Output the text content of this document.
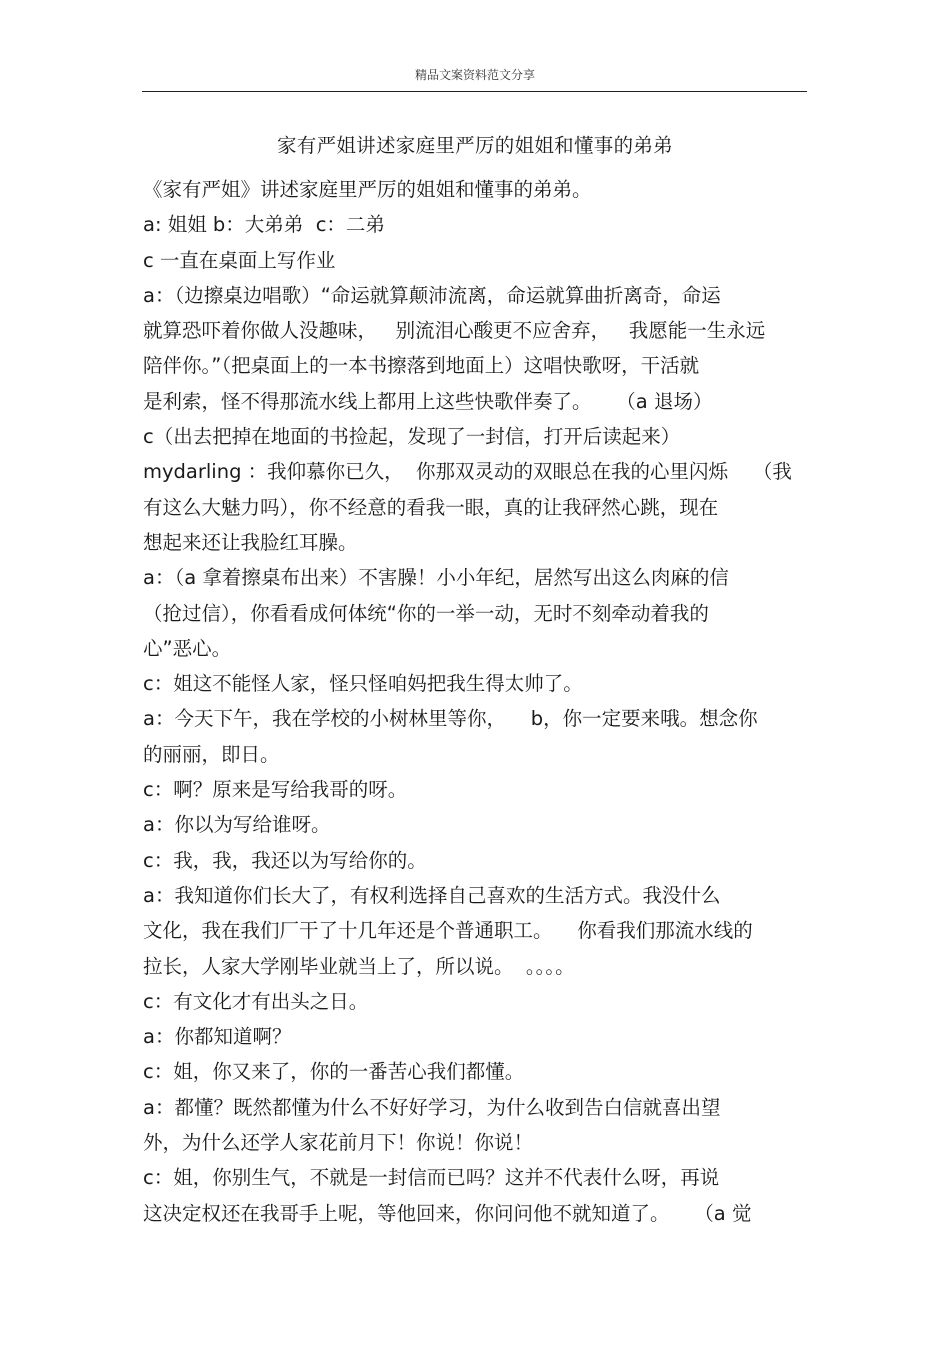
精品文案资料范文分享
家有严姐讲述家庭里严厉的姐姐和懂事的弟弟
《家有严姐》讲述家庭里严厉的姐姐和懂事的弟弟。
a: 姐姐 b：大弟弟  c：二弟
c 一直在桌面上写作业
a：（边擦桌边唱歌）“命运就算颠沛流离，命运就算曲折离奇，命运
就算恐吓着你做人没趣味，   别流泪心酸更不应舍弃，   我愿能一生永远
陪伴你。”（把桌面上的一本书擦落到地面上）这唱快歌呀，干活就
是利索，怪不得那流水线上都用上这些快歌伴奏了。    （a 退场）
c（出去把掉在地面的书捡起，发现了一封信，打开后读起来）
mydarling ：我仰慕你已久，  你那双灵动的双眼总在我的心里闪烁    （我
有这么大魅力吗），你不经意的看我一眼，真的让我砰然心跳，现在
想起来还让我脸红耳臊。
a：（a 拿着擦桌布出来）不害臊！小小年纪，居然写出这么肉麻的信
（抢过信），你看看成何体统“你的一举一动，无时不刻牵动着我的
心”恶心。
c：姐这不能怪人家，怪只怪咱妈把我生得太帅了。
a：今天下午，我在学校的小树林里等你，    b，你一定要来哦。想念你
的丽丽，即日。
c：啊？原来是写给我哥的呀。
a：你以为写给谁呀。
c：我，我，我还以为写给你的。
a：我知道你们长大了，有权利选择自己喜欢的生活方式。我没什么
文化，我在我们厂干了十几年还是个普通职工。    你看我们那流水线的
拉长，人家大学刚毕业就当上了，所以说。  。。。。
c：有文化才有出头之日。
a：你都知道啊？
c：姐，你又来了，你的一番苦心我们都懂。
a：都懂？既然都懂为什么不好好学习，为什么收到告白信就喜出望
外，为什么还学人家花前月下！你说！你说！
c：姐，你别生气，不就是一封信而已吗？这并不代表什么呀，再说
这决定权还在我哥手上呢，等他回来，你问问他不就知道了。    （a 觉
